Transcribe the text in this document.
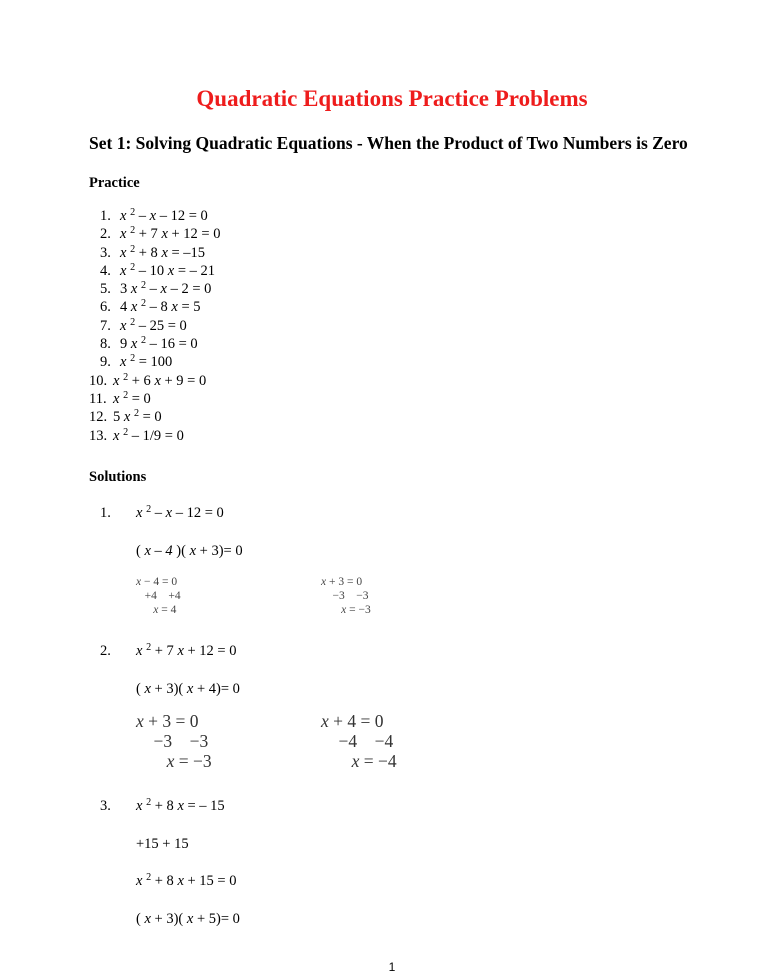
Quadratic Equations Practice Problems
Set 1: Solving Quadratic Equations - When the Product of Two Numbers is Zero
Practice
1. x $^2$ – x – 12 = 0
2. x $^2$ + 7 x + 12 = 0
3. x $^2$ + 8 x = –15
4. x $^2$ – 10 x = – 21
5. 3 x $^2$ – x – 2 = 0
6. 4 x $^2$ – 8 x = 5
7. x $^2$ – 25 = 0
8. 9 x $^2$ – 16 = 0
9. x $^2$ = 100
10. x $^2$ + 6 x + 9 = 0
11. x $^2$ = 0
12. 5 x $^2$ = 0
13. x $^2$ – 1/9 = 0
Solutions
1. x $^2$ – x – 12 = 0
( x – 4 )( x + 3)= 0
x − 4 = 0
+4    +4
x = 4
x + 3 = 0
−3    −3
x = −3
2. x $^2$ + 7 x + 12 = 0
( x + 3)( x + 4)= 0
x + 3 = 0
−3    −3
x = −3
x + 4 = 0
−4    −4
x = −4
3. x $^2$ + 8 x = – 15
+15 + 15
x $^2$ + 8 x + 15 = 0
( x + 3)( x + 5)= 0
1
